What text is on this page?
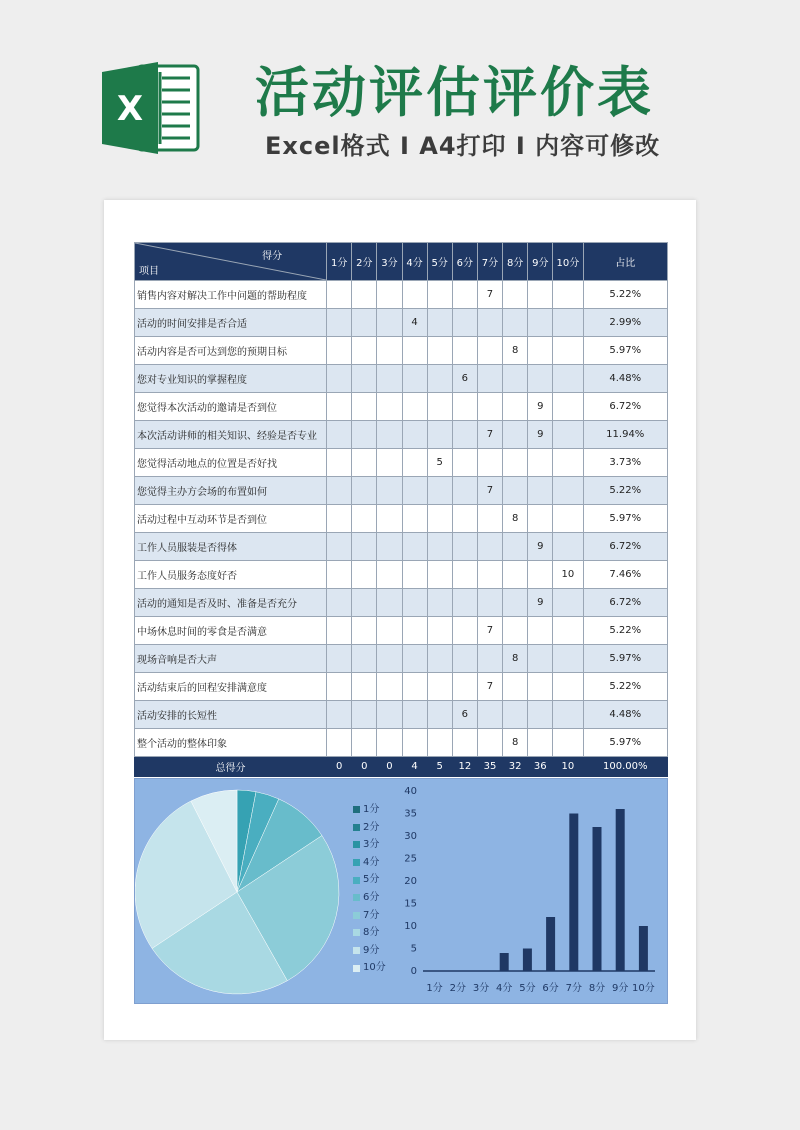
X 活动评估评价表
Excel格式 I A4打印 I 内容可修改
得分
项目	1分	2分	3分	4分	5分	6分	7分	8分	9分	10分	占比
销售内容对解决工作中问题的帮助程度							7				5.22%
活动的时间安排是否合适				4							2.99%
活动内容是否可达到您的预期目标								8			5.97%
您对专业知识的掌握程度						6					4.48%
您觉得本次活动的邀请是否到位									9		6.72%
本次活动讲师的相关知识、经验是否专业							7		9		11.94%
您觉得活动地点的位置是否好找					5						3.73%
您觉得主办方会场的布置如何							7				5.22%
活动过程中互动环节是否到位								8			5.97%
工作人员服装是否得体									9		6.72%
工作人员服务态度好否										10	7.46%
活动的通知是否及时、准备是否充分									9		6.72%
中场休息时间的零食是否满意							7				5.22%
现场音响是否大声								8			5.97%
活动结束后的回程安排满意度							7				5.22%
活动安排的长短性						6					4.48%
整个活动的整体印象								8			5.97%
总得分	0	0	0	4	5	12	35	32	36	10	100.00%
1分
2分
3分
4分
5分
6分
7分
8分
9分
10分 0
5
10
15
20
25
30
35
40
1分 2分 3分 4分 5分 6分 7分 8分 9分 10分
